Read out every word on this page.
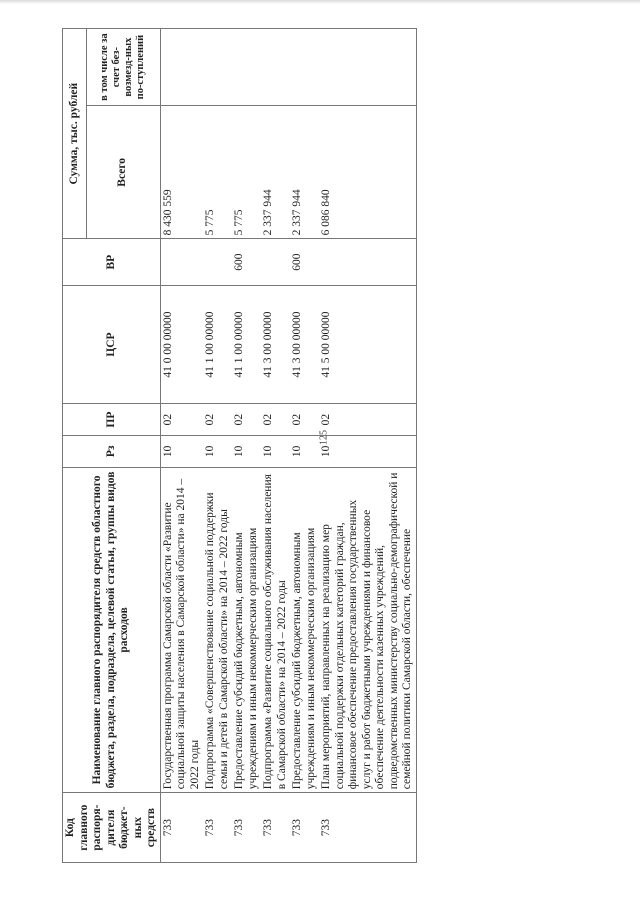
125
Код главного распоря-дителя бюджет-ных средств	Наименование главного распорядителя средств областного бюджета, раздела, подраздела, целевой статьи, группы видов расходов	Рз	ПР	ЦСР	ВР	Сумма, тыс. рублей	
						Всего	в том числе за счет без-возмезд-ных по-ступлений
733	Государственная программа Самарской области «Развитие социальной защиты населения в Самарской области» на 2014 – 2022 годы	10	02	41 0 00 00000		8 430 559	
733	Подпрограмма «Совершенствование социальной поддержки семьи и детей в Самарской области» на 2014 – 2022 годы	10	02	41 1 00 00000		5 775	
733	Предоставление субсидий бюджетным, автономным учреждениям и иным некоммерческим организациям	10	02	41 1 00 00000	600	5 775	
733	Подпрограмма «Развитие социального обслуживания населения в Самарской области» на 2014 – 2022 годы	10	02	41 3 00 00000		2 337 944	
733	Предоставление субсидий бюджетным, автономным учреждениям и иным некоммерческим организациям	10	02	41 3 00 00000	600	2 337 944	
733	План мероприятий, направленных на реализацию мер социальной поддержки отдельных категорий граждан, финансовое обеспечение предоставления государственных услуг и работ бюджетными учреждениями и финансовое обеспечение деятельности казенных учреждений, подведомственных министерству социально-демографической и семейной политики Самарской области, обеспечение	10	02	41 5 00 00000		6 086 840	
